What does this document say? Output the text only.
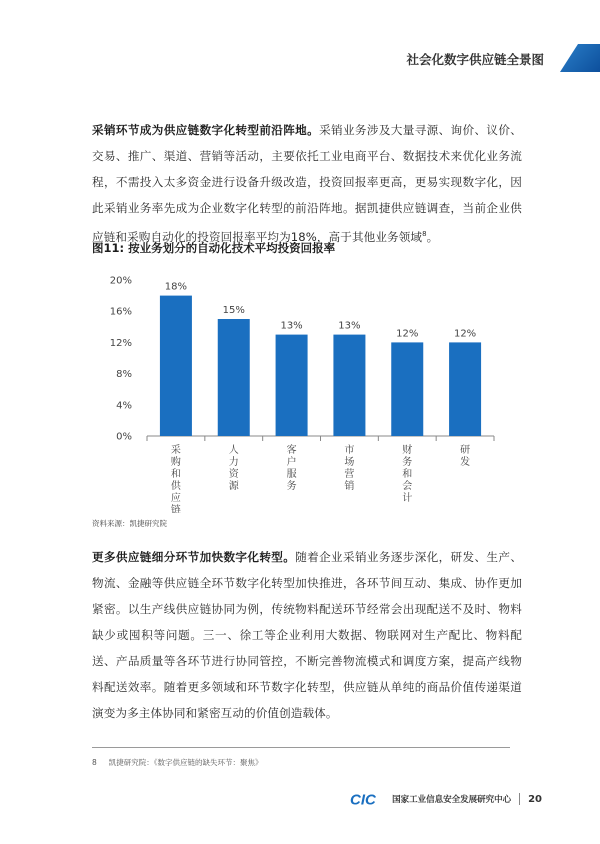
社会化数字供应链全景图
采销环节成为供应链数字化转型前沿阵地。采销业务涉及大量寻源、询价、议价、交易、推广、渠道、营销等活动，主要依托工业电商平台、数据技术来优化业务流程，不需投入太多资金进行设备升级改造，投资回报率更高，更易实现数字化，因此采销业务率先成为企业数字化转型的前沿阵地。据凯捷供应链调查，当前企业供应链和采购自动化的投资回报率平均为18%，高于其他业务领域$^8$。
图11: 按业务划分的自动化技术平均投资回报率
0%
4%
8%
12%
16%
20%
18%
采购和供应链
15%
人力资源
13%
客户服务
13%
市场营销
12%
财务和会计
12%
研发
资料来源：凯捷研究院
更多供应链细分环节加快数字化转型。随着企业采销业务逐步深化，研发、生产、物流、金融等供应链全环节数字化转型加快推进，各环节间互动、集成、协作更加紧密。以生产线供应链协同为例，传统物料配送环节经常会出现配送不及时、物料缺少或囤积等问题。三一、徐工等企业利用大数据、物联网对生产配比、物料配送、产品质量等各环节进行协同管控，不断完善物流模式和调度方案，提高产线物料配送效率。随着更多领域和环节数字化转型，供应链从单纯的商品价值传递渠道演变为多主体协同和紧密互动的价值创造载体。
8 凯捷研究院：《数字供应链的缺失环节：聚焦》
CIC 国家工业信息安全发展研究中心 20
